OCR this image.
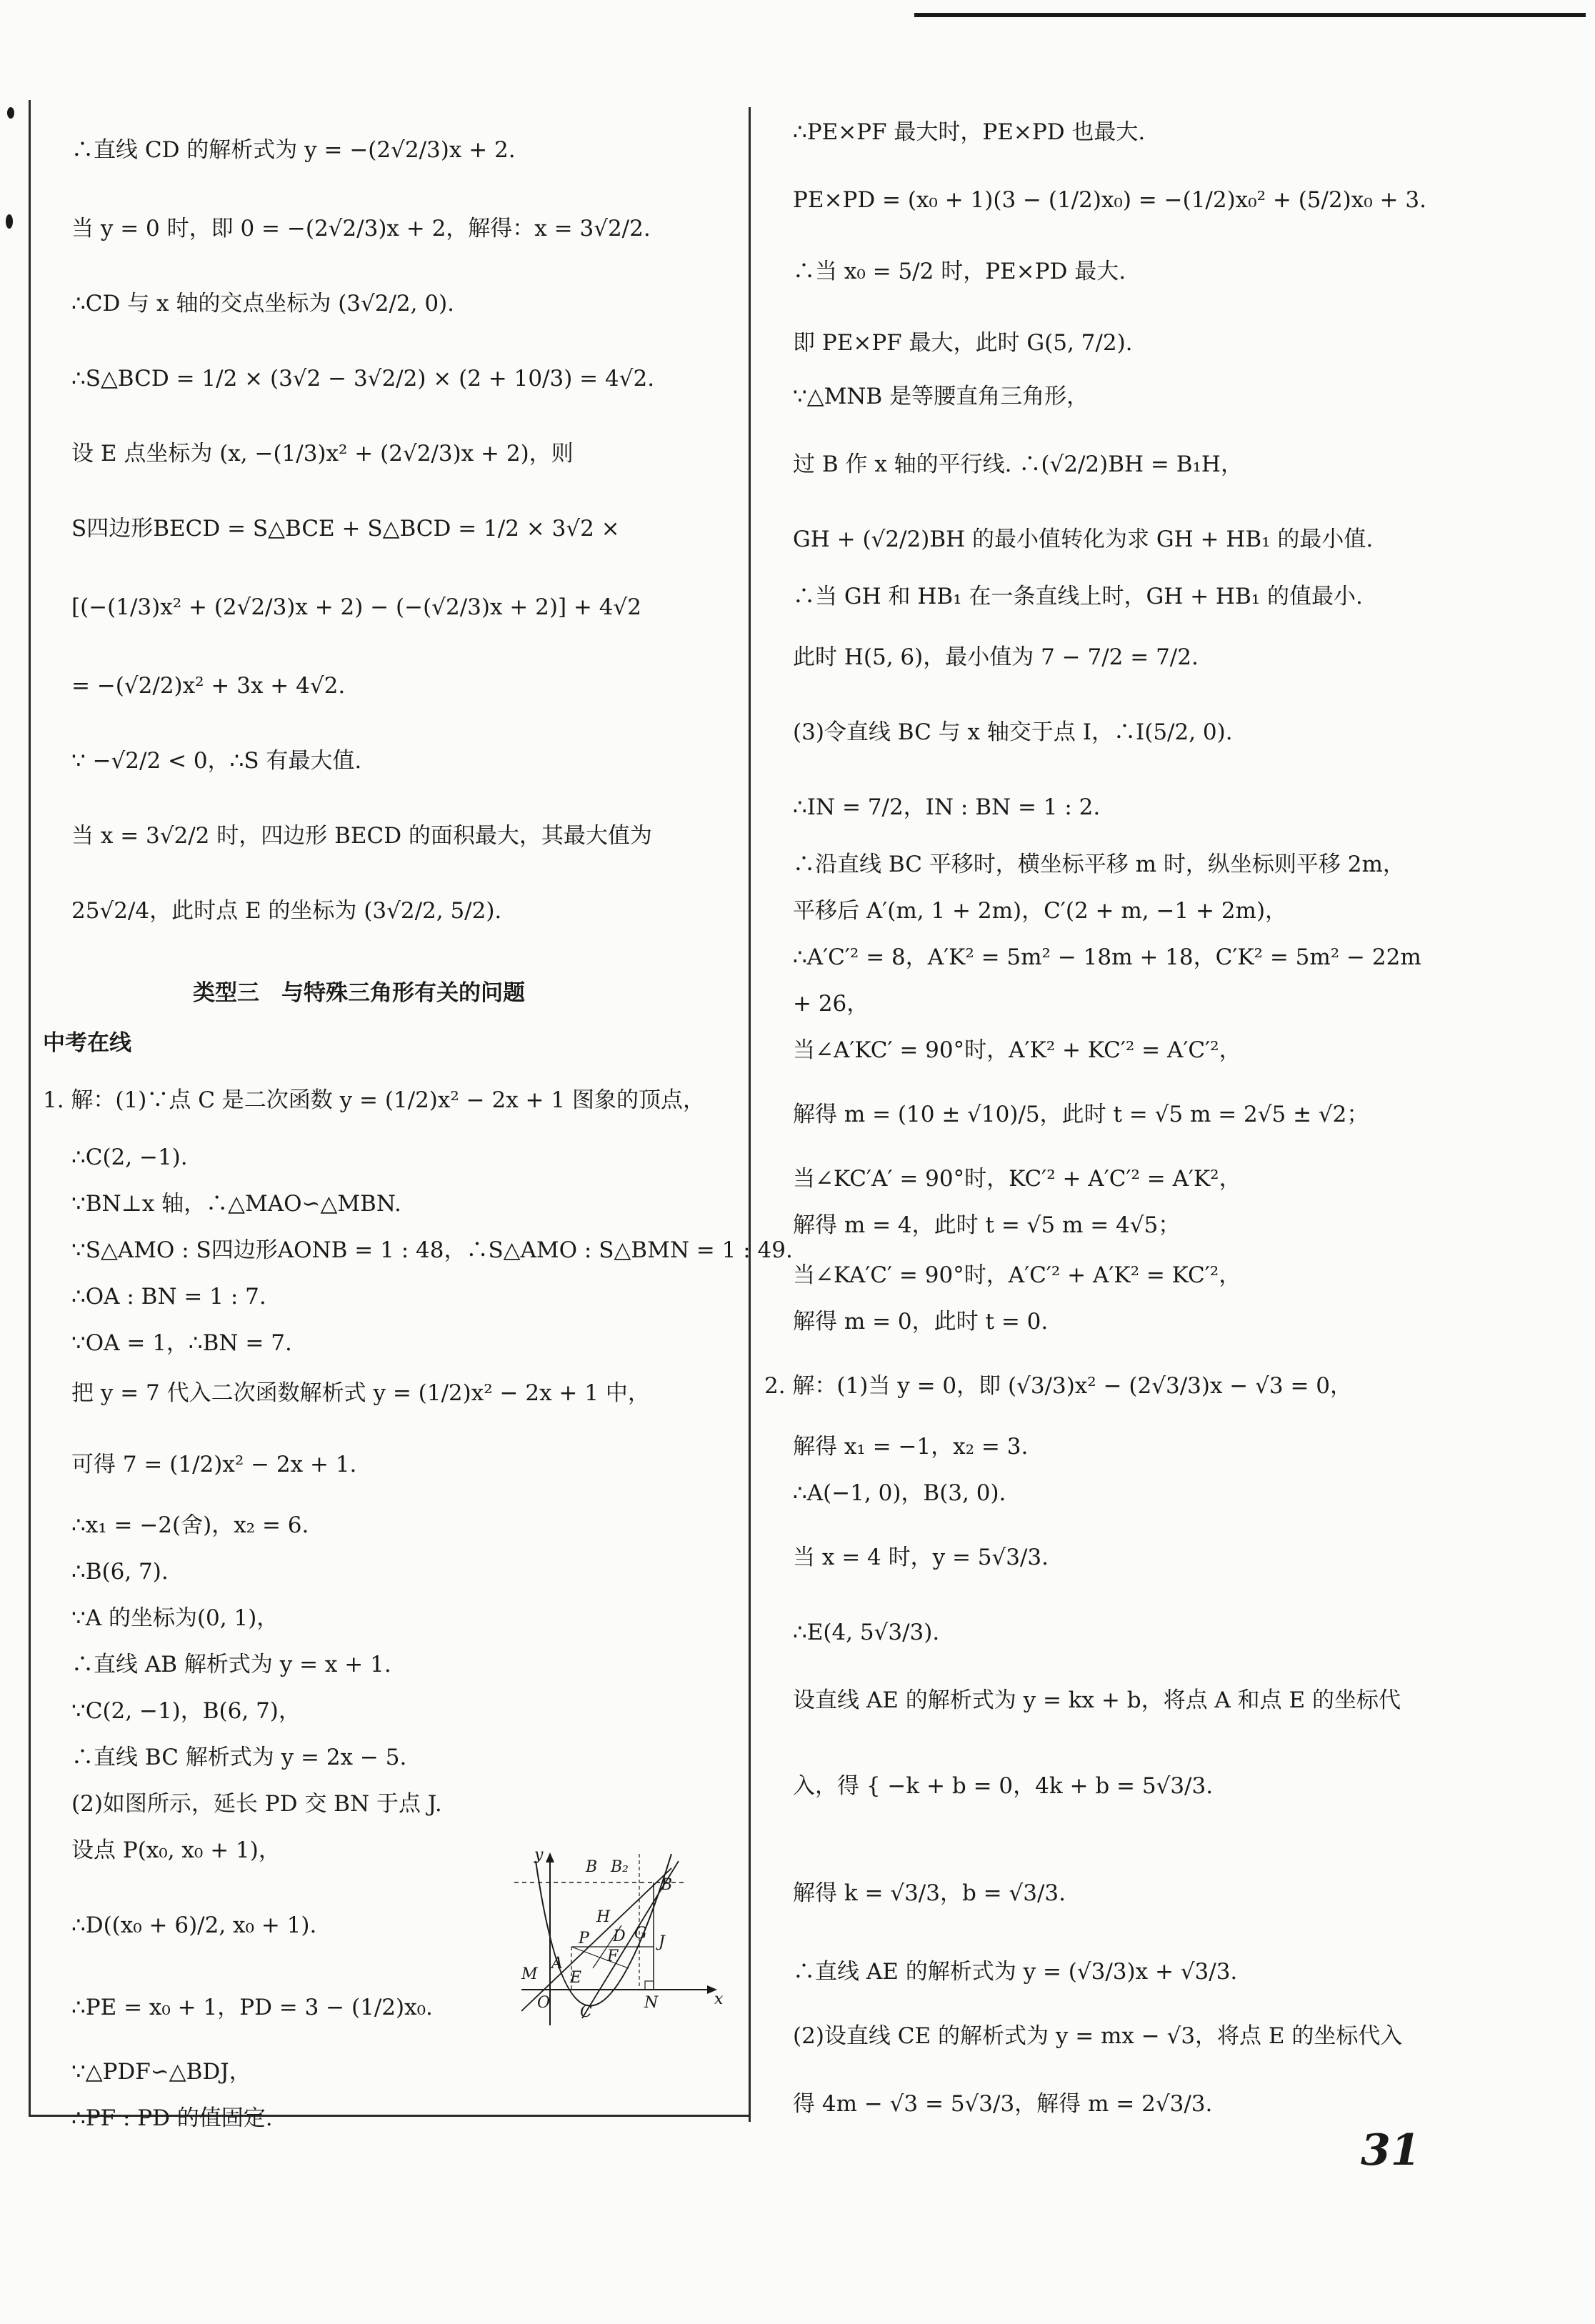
∴直线 CD 的解析式为 y = −(2√2/3)x + 2.
当 y = 0 时，即 0 = −(2√2/3)x + 2，解得：x = 3√2/2.
∴CD 与 x 轴的交点坐标为 (3√2/2, 0).
∴S△BCD = 1/2 × (3√2 − 3√2/2) × (2 + 10/3) = 4√2.
设 E 点坐标为 (x, −(1/3)x² + (2√2/3)x + 2)，则
S四边形BECD = S△BCE + S△BCD = 1/2 × 3√2 ×
[(−(1/3)x² + (2√2/3)x + 2) − (−(√2/3)x + 2)] + 4√2
= −(√2/2)x² + 3x + 4√2.
∵ −√2/2 < 0，∴S 有最大值.
当 x = 3√2/2 时，四边形 BECD 的面积最大，其最大值为
25√2/4，此时点 E 的坐标为 (3√2/2, 5/2).
类型三　与特殊三角形有关的问题
中考在线
1. 解：(1)∵点 C 是二次函数 y = (1/2)x² − 2x + 1 图象的顶点，
∴C(2, −1).
∵BN⊥x 轴，∴△MAO∽△MBN.
∵S△AMO : S四边形AONB = 1 : 48，∴S△AMO : S△BMN = 1 : 49.
∴OA : BN = 1 : 7.
∵OA = 1，∴BN = 7.
把 y = 7 代入二次函数解析式 y = (1/2)x² − 2x + 1 中，
可得 7 = (1/2)x² − 2x + 1.
∴x₁ = −2(舍)，x₂ = 6.
∴B(6, 7).
∵A 的坐标为(0, 1)，
∴直线 AB 解析式为 y = x + 1.
∵C(2, −1)，B(6, 7)，
∴直线 BC 解析式为 y = 2x − 5.
(2)如图所示，延长 PD 交 BN 于点 J.
设点 P(x₀, x₀ + 1)，
∴D((x₀ + 6)/2, x₀ + 1).
∴PE = x₀ + 1，PD = 3 − (1/2)x₀.
∵△PDF∽△BDJ，
∴PF : PD 的值固定.
∴PE×PF 最大时，PE×PD 也最大.
PE×PD = (x₀ + 1)(3 − (1/2)x₀) = −(1/2)x₀² + (5/2)x₀ + 3.
∴当 x₀ = 5/2 时，PE×PD 最大.
即 PE×PF 最大，此时 G(5, 7/2).
∵△MNB 是等腰直角三角形，
过 B 作 x 轴的平行线. ∴(√2/2)BH = B₁H，
GH + (√2/2)BH 的最小值转化为求 GH + HB₁ 的最小值.
∴当 GH 和 HB₁ 在一条直线上时，GH + HB₁ 的值最小.
此时 H(5, 6)，最小值为 7 − 7/2 = 7/2.
(3)令直线 BC 与 x 轴交于点 I，∴I(5/2, 0).
∴IN = 7/2，IN : BN = 1 : 2.
∴沿直线 BC 平移时，横坐标平移 m 时，纵坐标则平移 2m，
平移后 A′(m, 1 + 2m)，C′(2 + m, −1 + 2m)，
∴A′C′² = 8，A′K² = 5m² − 18m + 18，C′K² = 5m² − 22m
+ 26，
当∠A′KC′ = 90°时，A′K² + KC′² = A′C′²，
解得 m = (10 ± √10)/5，此时 t = √5 m = 2√5 ± √2；
当∠KC′A′ = 90°时，KC′² + A′C′² = A′K²，
解得 m = 4，此时 t = √5 m = 4√5；
当∠KA′C′ = 90°时，A′C′² + A′K² = KC′²，
解得 m = 0，此时 t = 0.
2. 解：(1)当 y = 0，即 (√3/3)x² − (2√3/3)x − √3 = 0，
解得 x₁ = −1，x₂ = 3.
∴A(−1, 0)，B(3, 0).
当 x = 4 时，y = 5√3/3.
∴E(4, 5√3/3).
设直线 AE 的解析式为 y = kx + b，将点 A 和点 E 的坐标代
入，得 { −k + b = 0，4k + b = 5√3/3.
解得 k = √3/3，b = √3/3.
∴直线 AE 的解析式为 y = (√3/3)x + √3/3.
(2)设直线 CE 的解析式为 y = mx − √3，将点 E 的坐标代入
得 4m − √3 = 5√3/3，解得 m = 2√3/3.
y
B B₂
B
H
D G
P
F
J
A
M
O
E
C
N	x
31
